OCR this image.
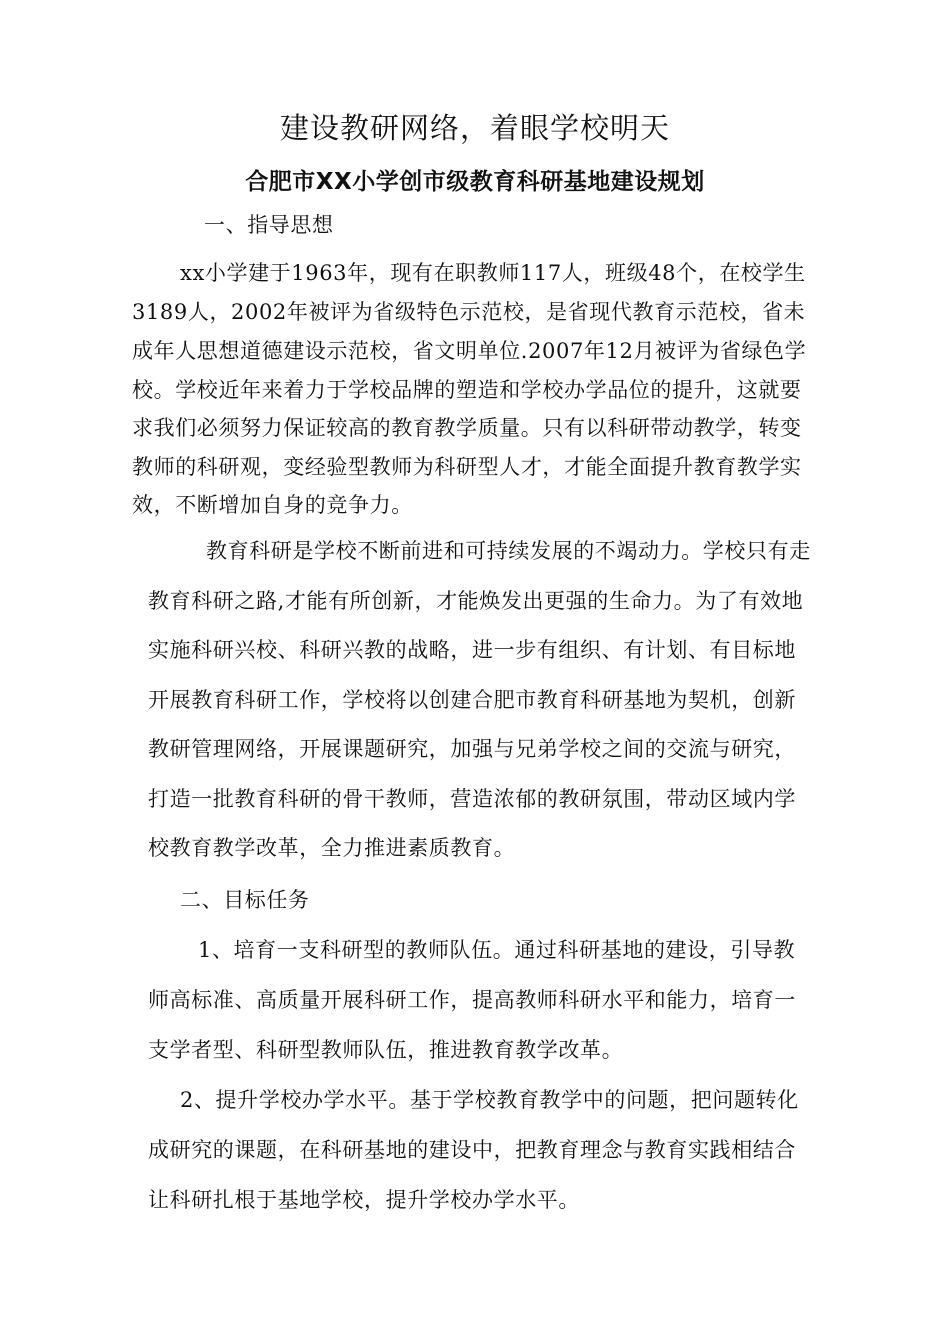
建设教研网络，着眼学校明天
合肥市XX小学创市级教育科研基地建设规划
一、指导思想
xx小学建于1963年，现有在职教师117人，班级48个，在校学生
3189人，2002年被评为省级特色示范校，是省现代教育示范校，省未
成年人思想道德建设示范校，省文明单位.2007年12月被评为省绿色学
校。学校近年来着力于学校品牌的塑造和学校办学品位的提升，这就要
求我们必须努力保证较高的教育教学质量。只有以科研带动教学，转变
教师的科研观，变经验型教师为科研型人才，才能全面提升教育教学实
效，不断增加自身的竞争力。
教育科研是学校不断前进和可持续发展的不竭动力。学校只有走
教育科研之路,才能有所创新，才能焕发出更强的生命力。为了有效地
实施科研兴校、科研兴教的战略，进一步有组织、有计划、有目标地
开展教育科研工作，学校将以创建合肥市教育科研基地为契机，创新
教研管理网络，开展课题研究，加强与兄弟学校之间的交流与研究，
打造一批教育科研的骨干教师，营造浓郁的教研氛围，带动区域内学
校教育教学改革，全力推进素质教育。
二、目标任务
1、培育一支科研型的教师队伍。通过科研基地的建设，引导教
师高标准、高质量开展科研工作，提高教师科研水平和能力，培育一
支学者型、科研型教师队伍，推进教育教学改革。
2、提升学校办学水平。基于学校教育教学中的问题，把问题转化
成研究的课题，在科研基地的建设中，把教育理念与教育实践相结合
让科研扎根于基地学校，提升学校办学水平。
